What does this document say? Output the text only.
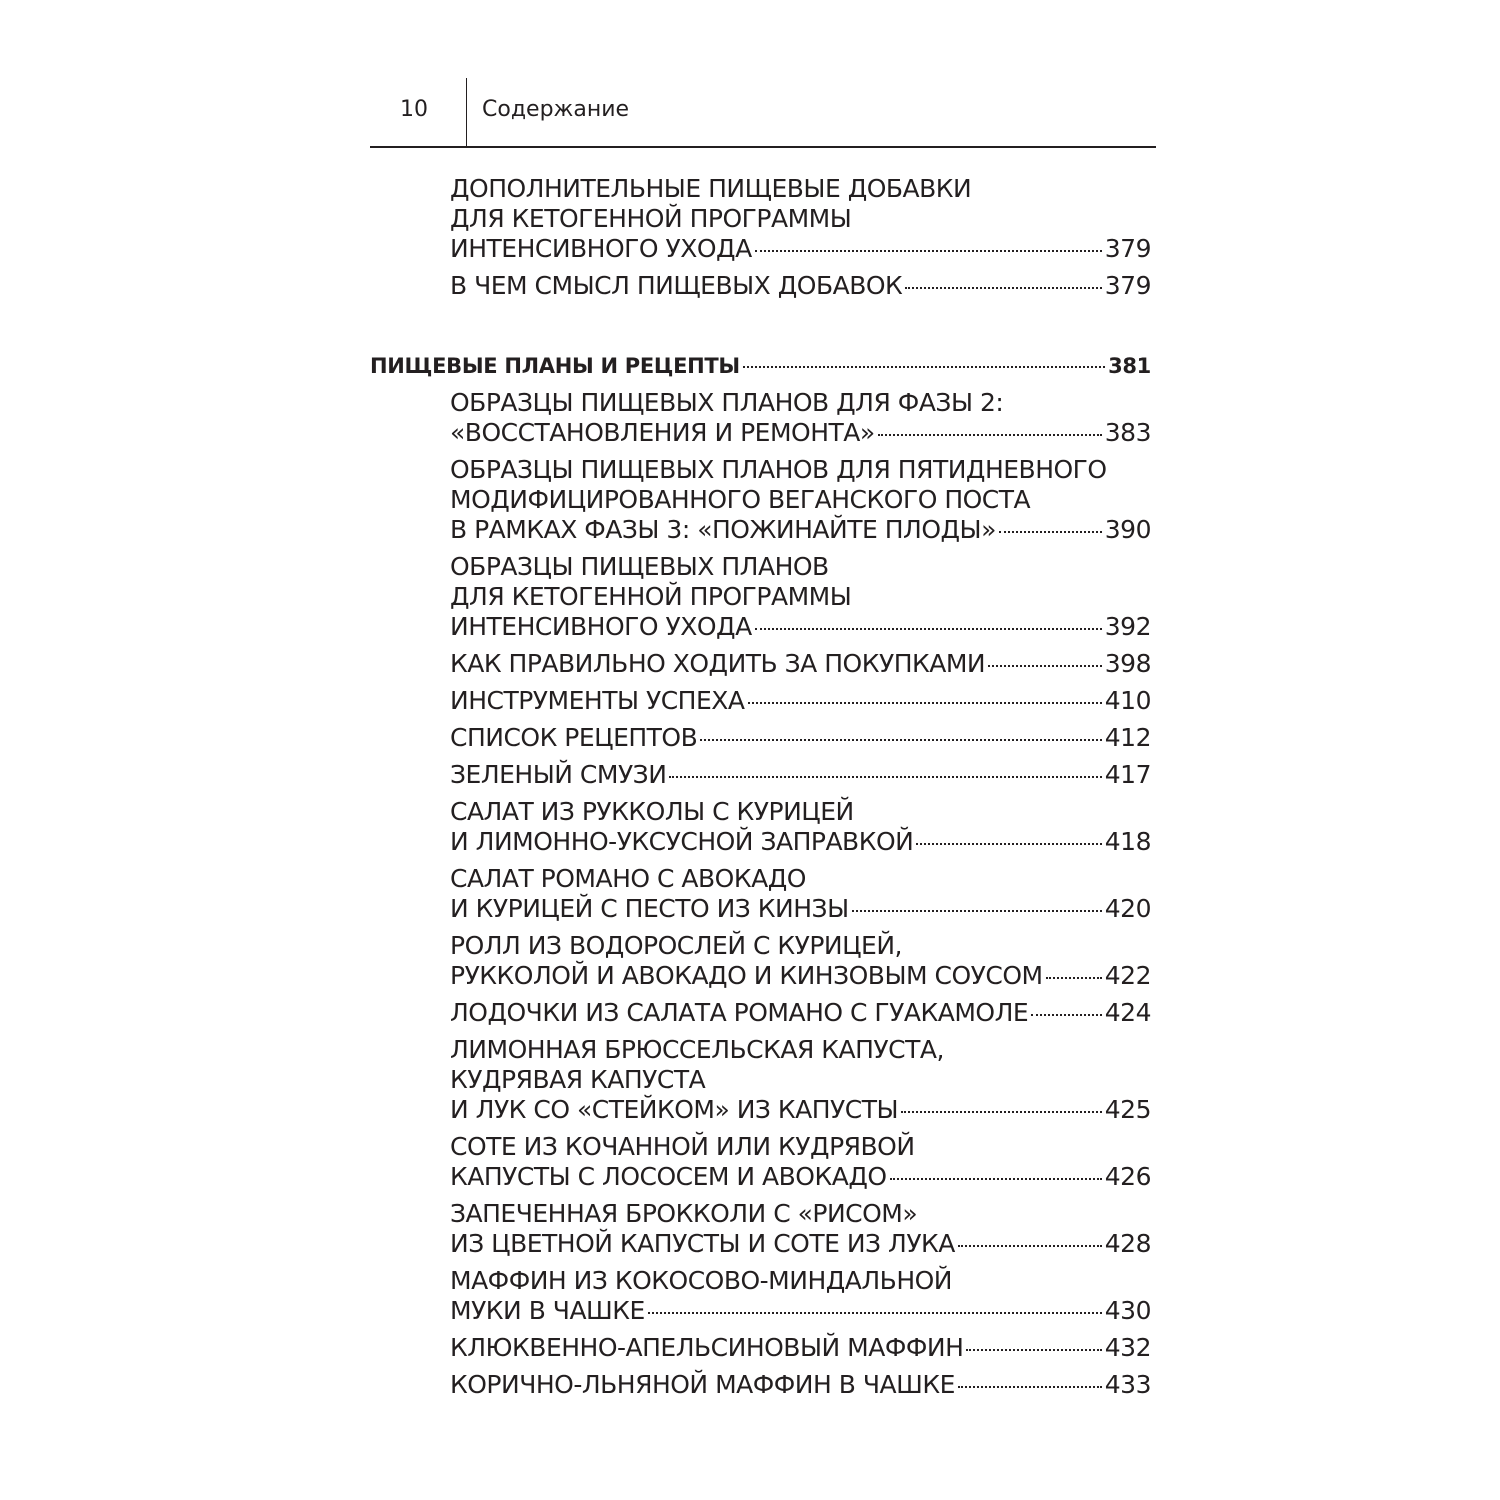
10 Содержание
ДОПОЛНИТЕЛЬНЫЕ ПИЩЕВЫЕ ДОБАВКИ
ДЛЯ КЕТОГЕННОЙ ПРОГРАММЫ
ИНТЕНСИВНОГО УХОДА	379
В ЧЕМ СМЫСЛ ПИЩЕВЫХ ДОБАВОК	379
ПИЩЕВЫЕ ПЛАНЫ И РЕЦЕПТЫ	381
ОБРАЗЦЫ ПИЩЕВЫХ ПЛАНОВ ДЛЯ ФАЗЫ 2:
«ВОССТАНОВЛЕНИЯ И РЕМОНТА»	383
ОБРАЗЦЫ ПИЩЕВЫХ ПЛАНОВ ДЛЯ ПЯТИДНЕВНОГО
МОДИФИЦИРОВАННОГО ВЕГАНСКОГО ПОСТА
В РАМКАХ ФАЗЫ 3: «ПОЖИНАЙТЕ ПЛОДЫ»	390
ОБРАЗЦЫ ПИЩЕВЫХ ПЛАНОВ
ДЛЯ КЕТОГЕННОЙ ПРОГРАММЫ
ИНТЕНСИВНОГО УХОДА	392
КАК ПРАВИЛЬНО ХОДИТЬ ЗА ПОКУПКАМИ	398
ИНСТРУМЕНТЫ УСПЕХА	410
СПИСОК РЕЦЕПТОВ	412
ЗЕЛЕНЫЙ СМУЗИ	417
САЛАТ ИЗ РУККОЛЫ С КУРИЦЕЙ
И ЛИМОННО-УКСУСНОЙ ЗАПРАВКОЙ	418
САЛАТ РОМАНО С АВОКАДО
И КУРИЦЕЙ С ПЕСТО ИЗ КИНЗЫ	420
РОЛЛ ИЗ ВОДОРОСЛЕЙ С КУРИЦЕЙ,
РУККОЛОЙ И АВОКАДО И КИНЗОВЫМ СОУСОМ 422
ЛОДОЧКИ ИЗ САЛАТА РОМАНО С ГУАКАМОЛЕ	424
ЛИМОННАЯ БРЮССЕЛЬСКАЯ КАПУСТА,
КУДРЯВАЯ КАПУСТА
И ЛУК СО «СТЕЙКОМ» ИЗ КАПУСТЫ	425
СОТЕ ИЗ КОЧАННОЙ ИЛИ КУДРЯВОЙ
КАПУСТЫ С ЛОСОСЕМ И АВОКАДО	426
ЗАПЕЧЕННАЯ БРОККОЛИ С «РИСОМ»
ИЗ ЦВЕТНОЙ КАПУСТЫ И СОТЕ ИЗ ЛУКА	428
МАФФИН ИЗ КОКОСОВО-МИНДАЛЬНОЙ
МУКИ В ЧАШКЕ	430
КЛЮКВЕННО-АПЕЛЬСИНОВЫЙ МАФФИН	432
КОРИЧНО-ЛЬНЯНОЙ МАФФИН В ЧАШКЕ	433
